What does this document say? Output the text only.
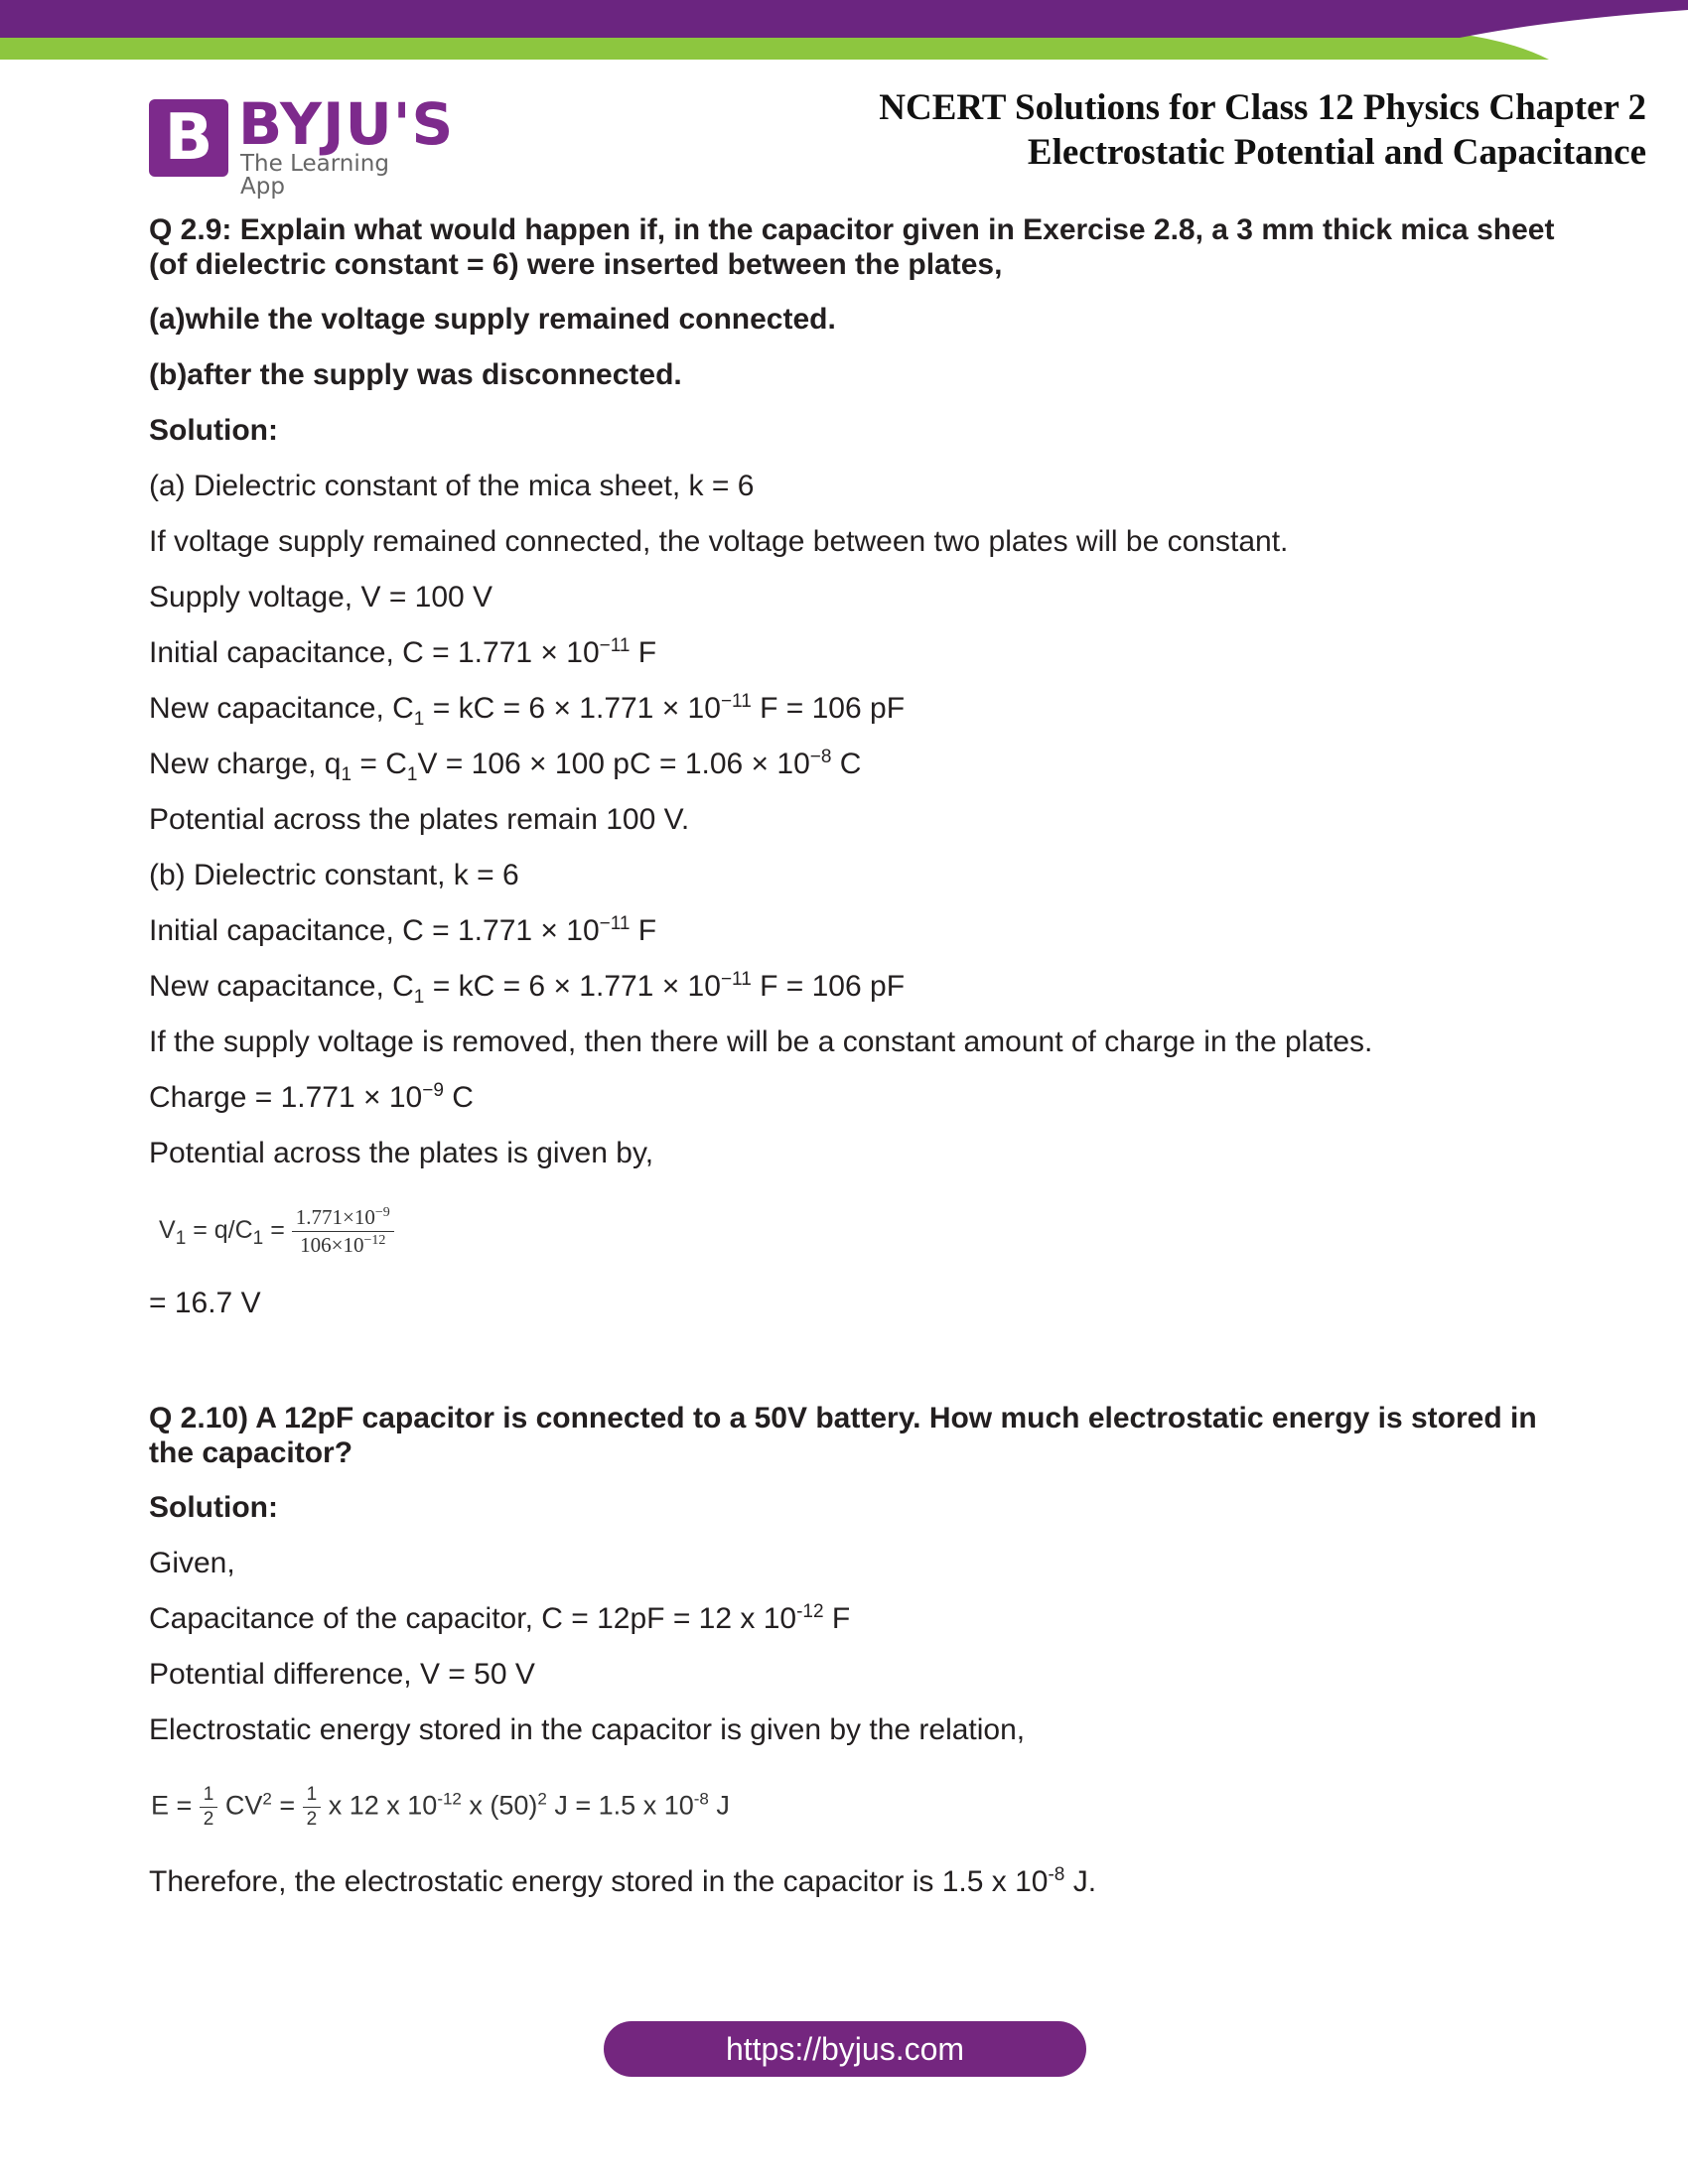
B BYJU'S
The Learning App
NCERT Solutions for Class 12 Physics Chapter 2
Electrostatic Potential and Capacitance
Q 2.9: Explain what would happen if, in the capacitor given in Exercise 2.8, a 3 mm thick mica sheet (of dielectric constant = 6) were inserted between the plates,
(a)while the voltage supply remained connected.
(b)after the supply was disconnected.
Solution:
(a) Dielectric constant of the mica sheet, k = 6
If voltage supply remained connected, the voltage between two plates will be constant.
Supply voltage, V = 100 V
Initial capacitance, $C = 1.771 \times 10^{-11}$ F
New capacitance, $C_1$ = kC = $6 \times 1.771 \times 10^{-11}$ F = 106 pF
New charge, $q_1 = C_1V = 106 \times 100$ pC = $1.06 \times 10^{-8}$ C
Potential across the plates remain 100 V.
(b) Dielectric constant, k = 6
Initial capacitance, $C = 1.771 \times 10^{-11}$ F
New capacitance, $C_1$ = kC = $6 \times 1.771 \times 10^{-11}$ F = 106 pF
If the supply voltage is removed, then there will be a constant amount of charge in the plates.
Charge = $1.771 \times 10^{-9}$ C
Potential across the plates is given by,
$V_1 = q/C_1 = \frac{1.771\times 10^{-9}}{106\times 10^{-12}}$
= 16.7 V
Q 2.10) A 12pF capacitor is connected to a 50V battery. How much electrostatic energy is stored in the capacitor?
Solution:
Given,
Capacitance of the capacitor, C = 12pF = 12 x $10^{-12}$ F
Potential difference, V = 50 V
Electrostatic energy stored in the capacitor is given by the relation,
$E = \frac{1}{2} CV^2 = \frac{1}{2}$ x 12 x $10^{-12}$ x $(50)^2$ J = 1.5 x $10^{-8}$ J
Therefore, the electrostatic energy stored in the capacitor is 1.5 x $10^{-8}$ J.
https://byjus.com
